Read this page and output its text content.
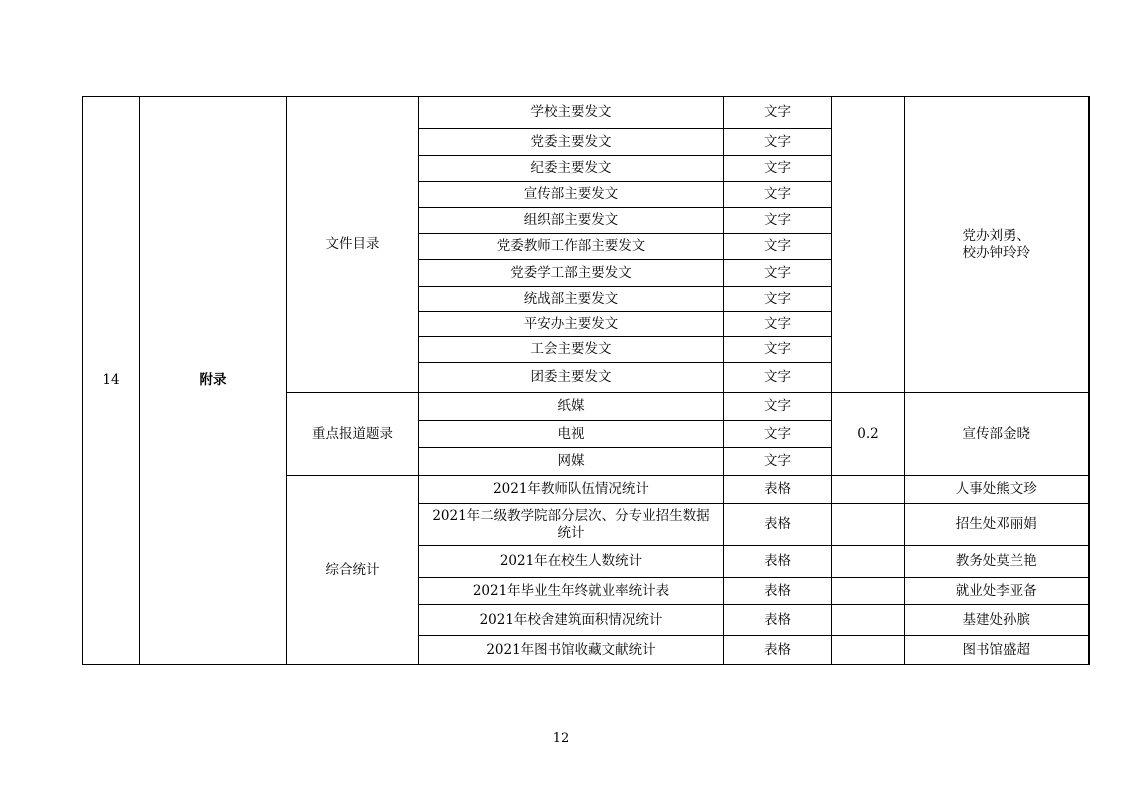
14	附录	文件目录	学校主要发文	文字		党办刘勇、
校办钟玲玲

			党委主要发文	文字		
			纪委主要发文	文字		
			宣传部主要发文	文字		
			组织部主要发文	文字		
			党委教师工作部主要发文	文字		
			党委学工部主要发文	文字		
			统战部主要发文	文字		
			平安办主要发文	文字		
			工会主要发文	文字		
			团委主要发文	文字		
		重点报道题录	纸媒	文字	0.2	宣传部金晓
			电视	文字		
			网媒	文字		
		综合统计	2021年教师队伍情况统计	表格		人事处熊文珍
			2021年二级教学院部分层次、分专业招生数据统计	表格		招生处邓丽娟
			2021年在校生人数统计	表格		教务处莫兰艳
			2021年毕业生年终就业率统计表	表格		就业处李亚备
			2021年校舍建筑面积情况统计	表格		基建处孙膑
			2021年图书馆收藏文献统计	表格		图书馆盛超
12
